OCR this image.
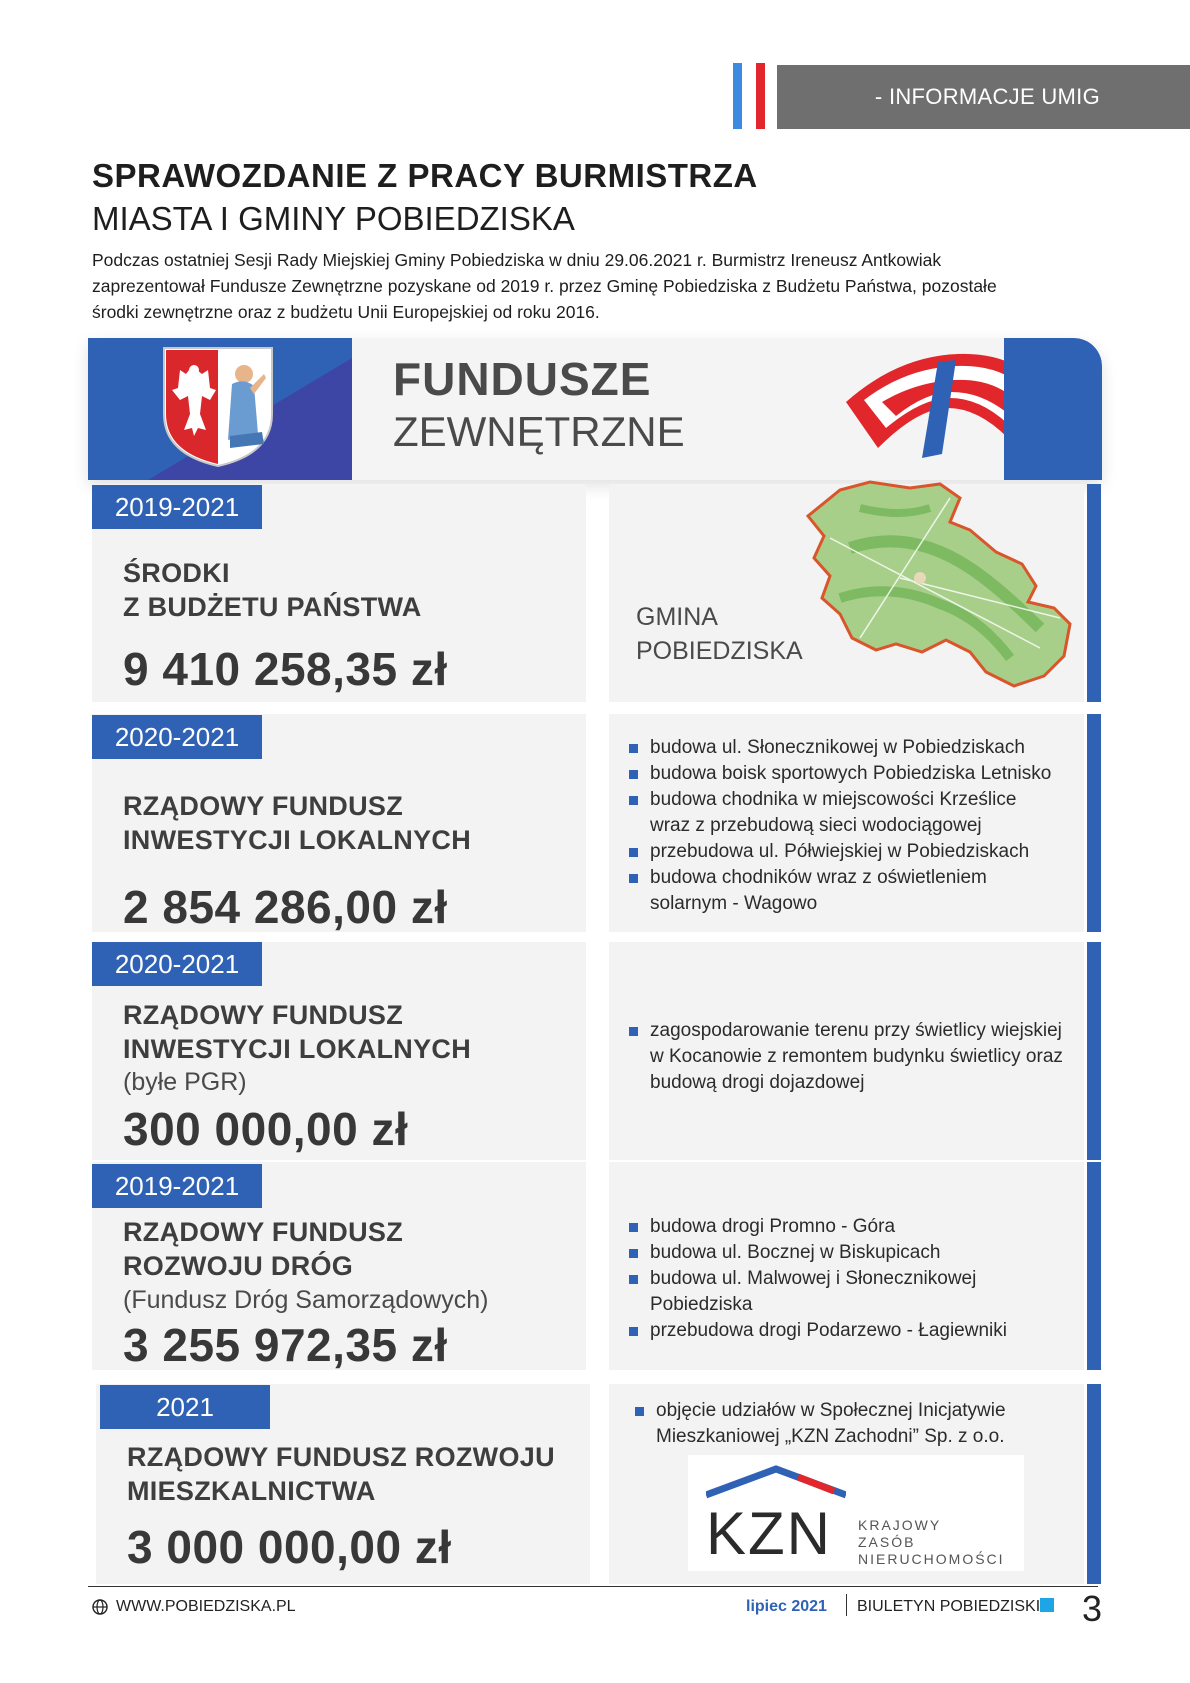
- INFORMACJE UMIG
SPRAWOZDANIE Z PRACY BURMISTRZA
MIASTA I GMINY POBIEDZISKA
Podczas ostatniej Sesji Rady Miejskiej Gminy Pobiedziska w dniu 29.06.2021 r. Burmistrz Ireneusz Antkowiak zaprezentował Fundusze Zewnętrzne pozyskane od 2019 r. przez Gminę Pobiedziska z Budżetu Państwa, pozostałe środki zewnętrzne oraz z budżetu Unii Europejskiej od roku 2016.
FUNDUSZE
ZEWNĘTRZNE
2019-2021
ŚRODKI
Z BUDŻETU PAŃSTWA
9 410 258,35 zł
GMINA
POBIEDZISKA
2020-2021
RZĄDOWY FUNDUSZ
INWESTYCJI LOKALNYCH
2 854 286,00 zł
budowa ul. Słonecznikowej w Pobiedziskach
budowa boisk sportowych Pobiedziska Letnisko
budowa chodnika w miejscowości Krześlice wraz z przebudową sieci wodociągowej
przebudowa ul. Półwiejskiej w Pobiedziskach
budowa chodników wraz z oświetleniem solarnym - Wagowo
2020-2021
RZĄDOWY FUNDUSZ
INWESTYCJI LOKALNYCH
(byłe PGR)
300 000,00 zł
zagospodarowanie terenu przy świetlicy wiejskiej w Kocanowie z remontem budynku świetlicy oraz budową drogi dojazdowej
2019-2021
RZĄDOWY FUNDUSZ
ROZWOJU DRÓG
(Fundusz Dróg Samorządowych)
3 255 972,35 zł
budowa drogi Promno - Góra
budowa ul. Bocznej w Biskupicach
budowa ul. Malwowej i Słonecznikowej Pobiedziska
przebudowa drogi Podarzewo - Łagiewniki
2021
RZĄDOWY FUNDUSZ ROZWOJU
MIESZKALNICTWA
3 000 000,00 zł
objęcie udziałów w Społecznej Inicjatywie Mieszkaniowej „KZN Zachodni” Sp. z o.o.
KZN KRAJOWY
ZASÓB
NIERUCHOMOŚCI
WWW.POBIEDZISKA.PL	lipiec 2021 BIULETYN POBIEDZISKI 3
